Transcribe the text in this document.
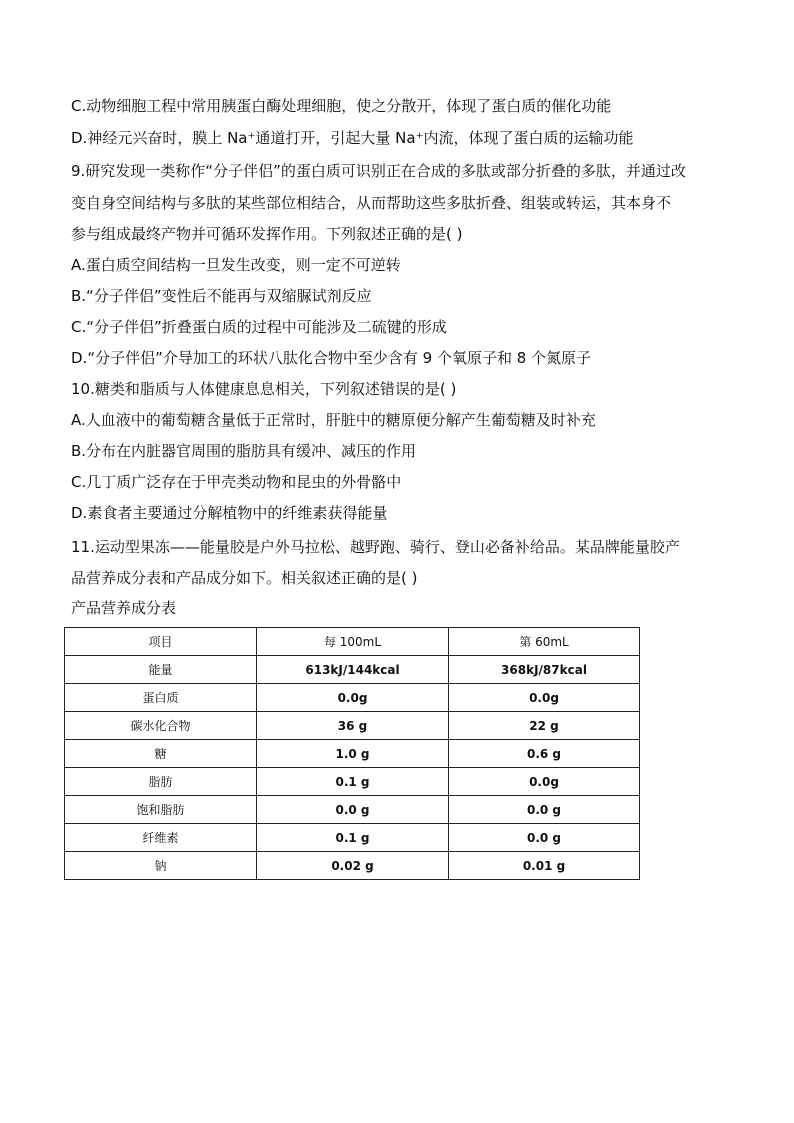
C.动物细胞工程中常用胰蛋白酶处理细胞，使之分散开，体现了蛋白质的催化功能
D.神经元兴奋时，膜上 Na⁺通道打开，引起大量 Na⁺内流，体现了蛋白质的运输功能
9.研究发现一类称作“分子伴侣”的蛋白质可识别正在合成的多肽或部分折叠的多肽，并通过改
变自身空间结构与多肽的某些部位相结合，从而帮助这些多肽折叠、组装或转运，其本身不
参与组成最终产物并可循环发挥作用。下列叙述正确的是( )
A.蛋白质空间结构一旦发生改变，则一定不可逆转
B.“分子伴侣”变性后不能再与双缩脲试剂反应
C.“分子伴侣”折叠蛋白质的过程中可能涉及二硫键的形成
D.“分子伴侣”介导加工的环状八肽化合物中至少含有 9 个氧原子和 8 个氮原子
10.糖类和脂质与人体健康息息相关，下列叙述错误的是( )
A.人血液中的葡萄糖含量低于正常时，肝脏中的糖原便分解产生葡萄糖及时补充
B.分布在内脏器官周围的脂肪具有缓冲、减压的作用
C.几丁质广泛存在于甲壳类动物和昆虫的外骨骼中
D.素食者主要通过分解植物中的纤维素获得能量
11.运动型果冻——能量胶是户外马拉松、越野跑、骑行、登山必备补给品。某品牌能量胶产
品营养成分表和产品成分如下。相关叙述正确的是( )
产品营养成分表
项目	每 100mL	第 60mL
能量	613kJ/144kcal	368kJ/87kcal
蛋白质	0.0g	0.0g
碳水化合物	36 g	22 g
糖	1.0 g	0.6 g
脂肪	0.1 g	0.0g
饱和脂肪	0.0 g	0.0 g
纤维素	0.1 g	0.0 g
钠	0.02 g	0.01 g
